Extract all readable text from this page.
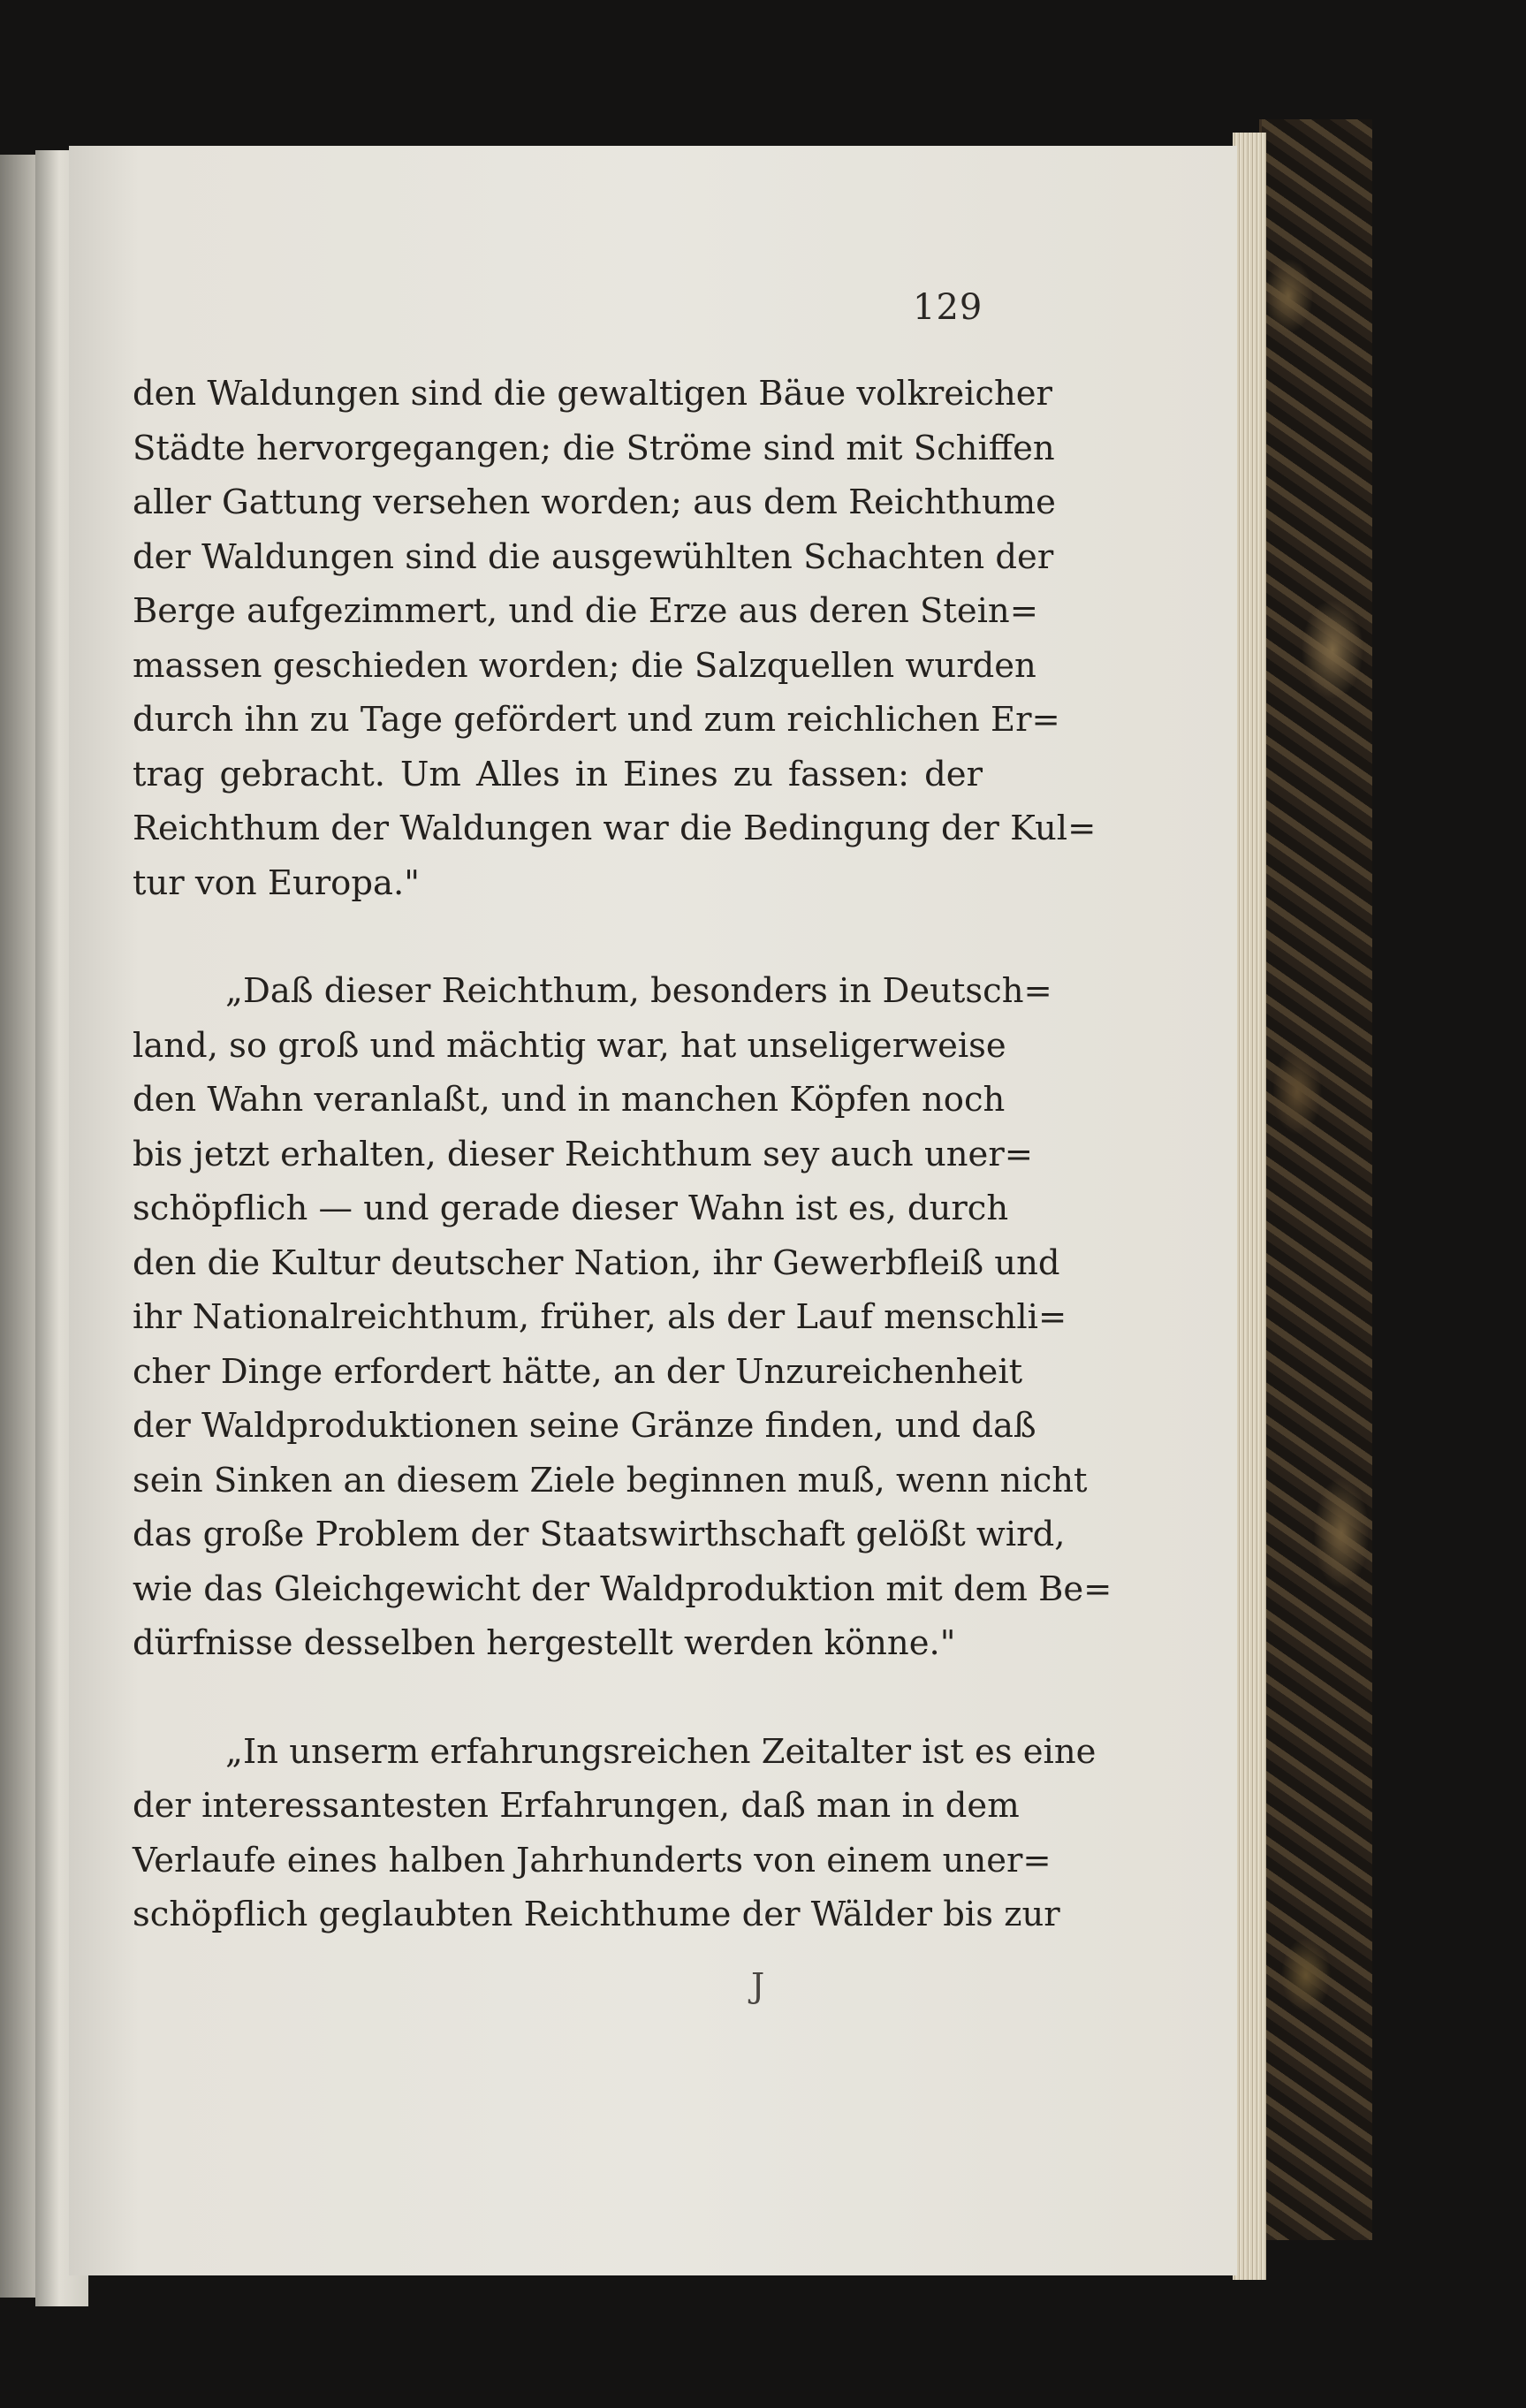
129

den Waldungen sind die gewaltigen Bäue volkreicher
Städte hervorgegangen; die Ströme sind mit Schiffen
aller Gattung versehen worden; aus dem Reichthume
der Waldungen sind die ausgewühlten Schachten der
Berge aufgezimmert, und die Erze aus deren Stein=
massen geschieden worden; die Salzquellen wurden
durch ihn zu Tage gefördert und zum reichlichen Er=
trag gebracht. Um Alles in Eines zu fassen: der
Reichthum der Waldungen war die Bedingung der Kul=
tur von Europa."

„Daß dieser Reichthum, besonders in Deutsch=
land, so groß und mächtig war, hat unseligerweise
den Wahn veranlaßt, und in manchen Köpfen noch
bis jetzt erhalten, dieser Reichthum sey auch uner=
schöpflich — und gerade dieser Wahn ist es, durch
den die Kultur deutscher Nation, ihr Gewerbfleiß und
ihr Nationalreichthum, früher, als der Lauf menschli=
cher Dinge erfordert hätte, an der Unzureichenheit
der Waldproduktionen seine Gränze finden, und daß
sein Sinken an diesem Ziele beginnen muß, wenn nicht
das große Problem der Staatswirthschaft gelößt wird,
wie das Gleichgewicht der Waldproduktion mit dem Be=
dürfnisse desselben hergestellt werden könne."

„In unserm erfahrungsreichen Zeitalter ist es eine
der interessantesten Erfahrungen, daß man in dem
Verlaufe eines halben Jahrhunderts von einem uner=
schöpflich geglaubten Reichthume der Wälder bis zur

J
